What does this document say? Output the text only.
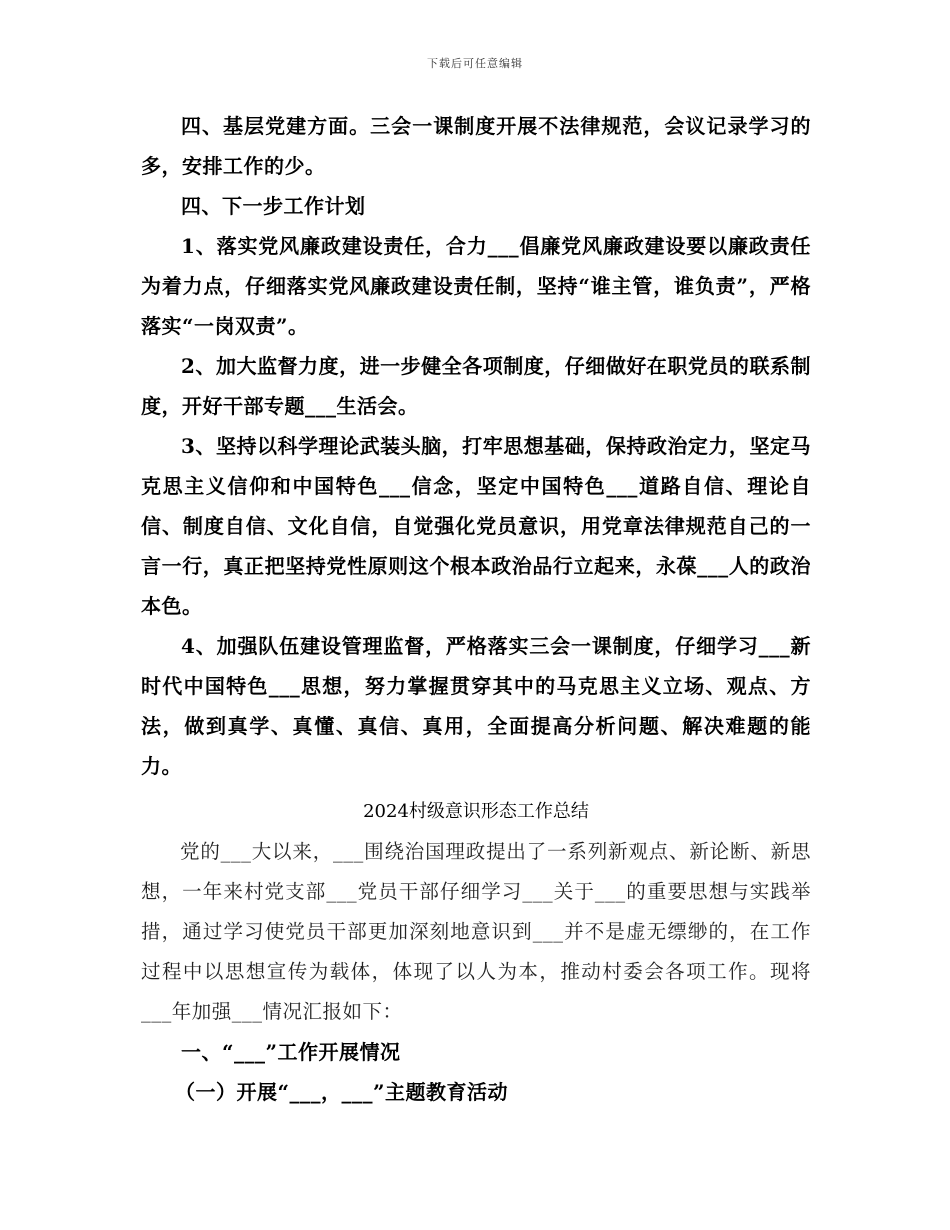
下载后可任意编辑

四、基层党建方面。三会一课制度开展不法律规范，会议记录学习的多，安排工作的少。

四、下一步工作计划

1、落实党风廉政建设责任，合力___倡廉党风廉政建设要以廉政责任为着力点，仔细落实党风廉政建设责任制，坚持“谁主管，谁负责”，严格落实“一岗双责”。

2、加大监督力度，进一步健全各项制度，仔细做好在职党员的联系制度，开好干部专题___生活会。

3、坚持以科学理论武装头脑，打牢思想基础，保持政治定力，坚定马克思主义信仰和中国特色___信念，坚定中国特色___道路自信、理论自信、制度自信、文化自信，自觉强化党员意识，用党章法律规范自己的一言一行，真正把坚持党性原则这个根本政治品行立起来，永葆___人的政治本色。

4、加强队伍建设管理监督，严格落实三会一课制度，仔细学习___新时代中国特色___思想，努力掌握贯穿其中的马克思主义立场、观点、方法，做到真学、真懂、真信、真用，全面提高分析问题、解决难题的能力。

2024村级意识形态工作总结

党的___大以来，___围绕治国理政提出了一系列新观点、新论断、新思想，一年来村党支部___党员干部仔细学习___关于___的重要思想与实践举措，通过学习使党员干部更加深刻地意识到___并不是虚无缥缈的，在工作过程中以思想宣传为载体，体现了以人为本，推动村委会各项工作。现将___年加强___情况汇报如下：

一、“___”工作开展情况

（一）开展“___，___”主题教育活动
